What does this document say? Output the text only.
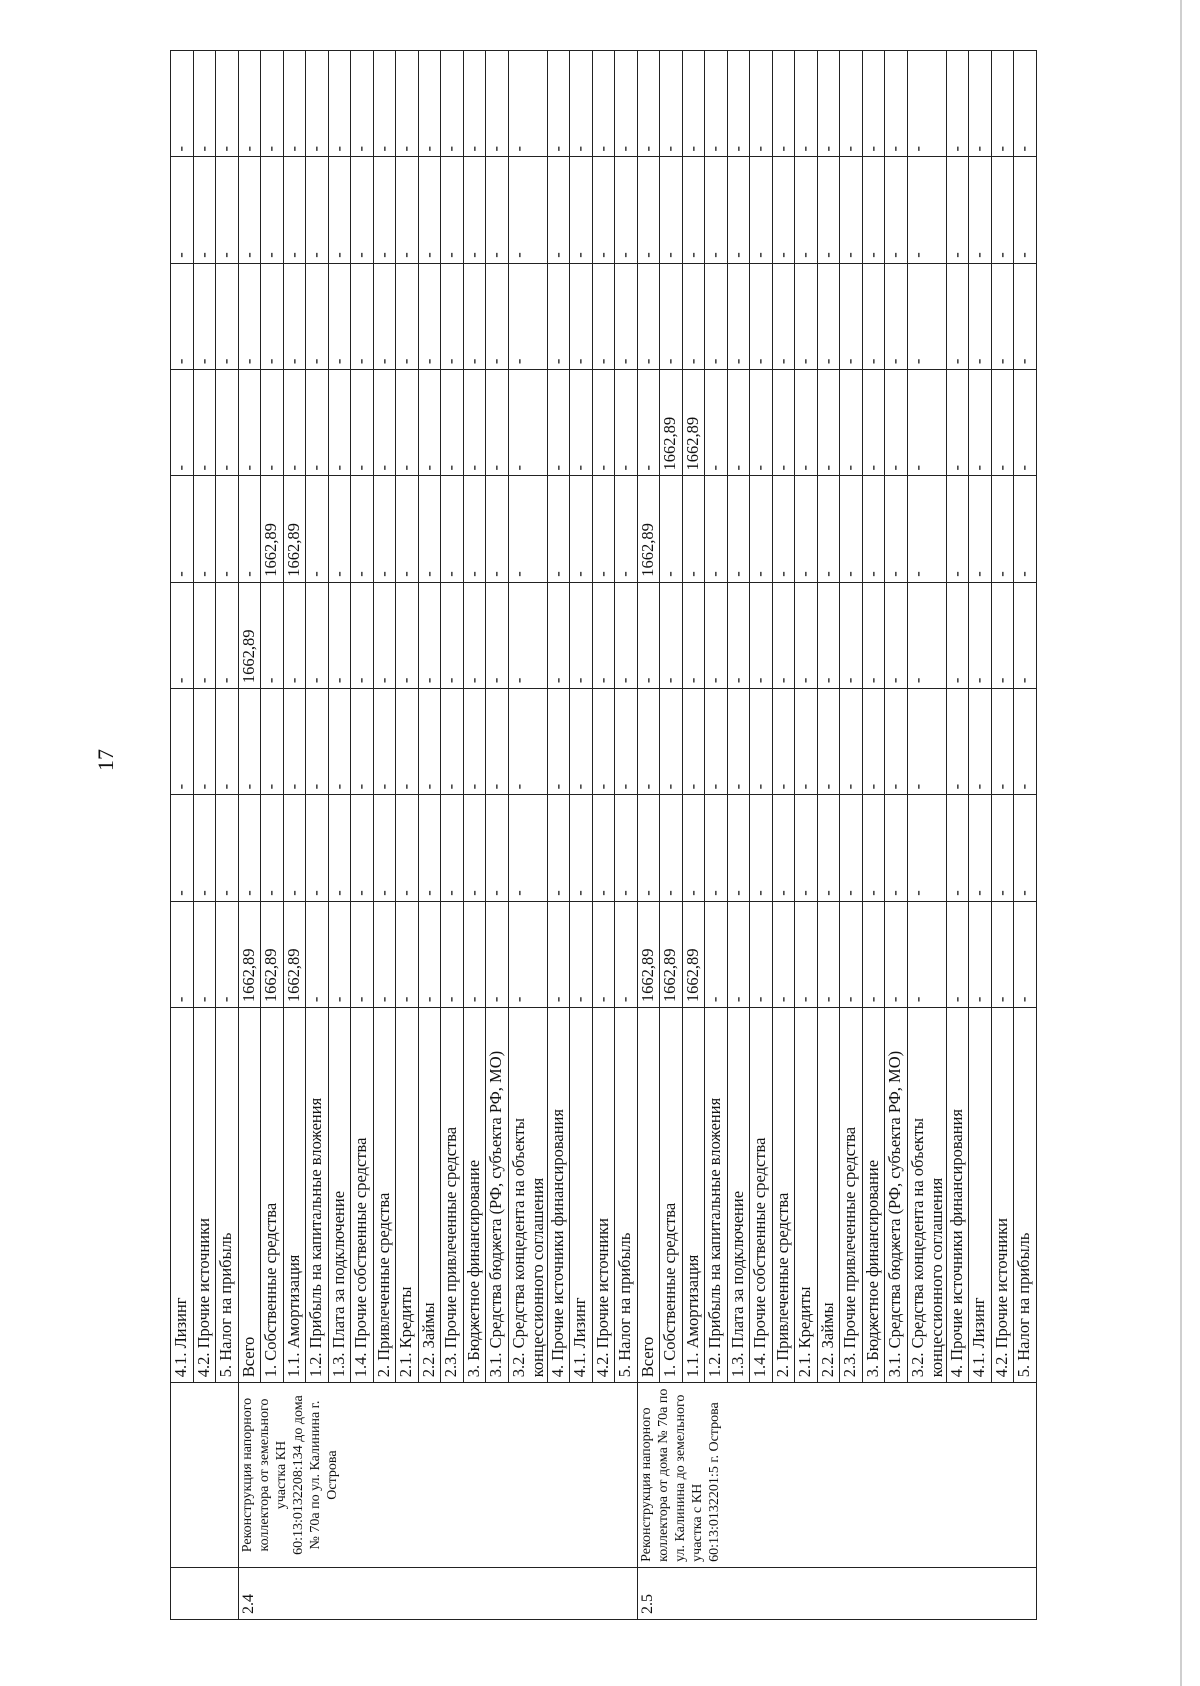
17
		4.1. Лизинг	-	-	-	-	-	-	-	-	-
		4.2. Прочие источники	-	-	-	-	-	-	-	-	-
		5. Налог на прибыль	-	-	-	-	-	-	-	-	-
2.4	Реконструкция напорного коллектора от земельного участка КН 60:13:0132208:134 до дома № 70а по ул. Калинина г. Острова	Всего	1662,89	-	-	1662,89	-	-	-	-	-
		1. Собственные средства	1662,89	-	-	-	1662,89	-	-	-	-
		1.1. Амортизация	1662,89	-	-	-	1662,89	-	-	-	-
		1.2. Прибыль на капитальные вложения	-	-	-	-	-	-	-	-	-
		1.3. Плата за подключение	-	-	-	-	-	-	-	-	-
		1.4. Прочие собственные средства	-	-	-	-	-	-	-	-	-
		2. Привлеченные средства	-	-	-	-	-	-	-	-	-
		2.1. Кредиты	-	-	-	-	-	-	-	-	-
		2.2. Займы	-	-	-	-	-	-	-	-	-
		2.3. Прочие привлеченные средства	-	-	-	-	-	-	-	-	-
		3. Бюджетное финансирование	-	-	-	-	-	-	-	-	-
		3.1. Средства бюджета (РФ, субъекта РФ, МО)	-	-	-	-	-	-	-	-	-
		3.2. Средства концедента на объекты концессионного соглашения	-	-	-	-	-	-	-	-	-
		4. Прочие источники финансирования	-	-	-	-	-	-	-	-	-
		4.1. Лизинг	-	-	-	-	-	-	-	-	-
		4.2. Прочие источники	-	-	-	-	-	-	-	-	-
		5. Налог на прибыль	-	-	-	-	-	-	-	-	-
2.5	Реконструкция напорного коллектора от дома № 70а по ул. Калинина до земельного участка с КН 60:13:0132201:5 г. Острова	Всего	1662,89	-	-	-	1662,89	-	-	-	-
		1. Собственные средства	1662,89	-	-	-	-	1662,89	-	-	-
		1.1. Амортизация	1662,89	-	-	-	-	1662,89	-	-	-
		1.2. Прибыль на капитальные вложения	-	-	-	-	-	-	-	-	-
		1.3. Плата за подключение	-	-	-	-	-	-	-	-	-
		1.4. Прочие собственные средства	-	-	-	-	-	-	-	-	-
		2. Привлеченные средства	-	-	-	-	-	-	-	-	-
		2.1. Кредиты	-	-	-	-	-	-	-	-	-
		2.2. Займы	-	-	-	-	-	-	-	-	-
		2.3. Прочие привлеченные средства	-	-	-	-	-	-	-	-	-
		3. Бюджетное финансирование	-	-	-	-	-	-	-	-	-
		3.1. Средства бюджета (РФ, субъекта РФ, МО)	-	-	-	-	-	-	-	-	-
		3.2. Средства концедента на объекты концессионного соглашения	-	-	-	-	-	-	-	-	-
		4. Прочие источники финансирования	-	-	-	-	-	-	-	-	-
		4.1. Лизинг	-	-	-	-	-	-	-	-	-
		4.2. Прочие источники	-	-	-	-	-	-	-	-	-
		5. Налог на прибыль	-	-	-	-	-	-	-	-	-
